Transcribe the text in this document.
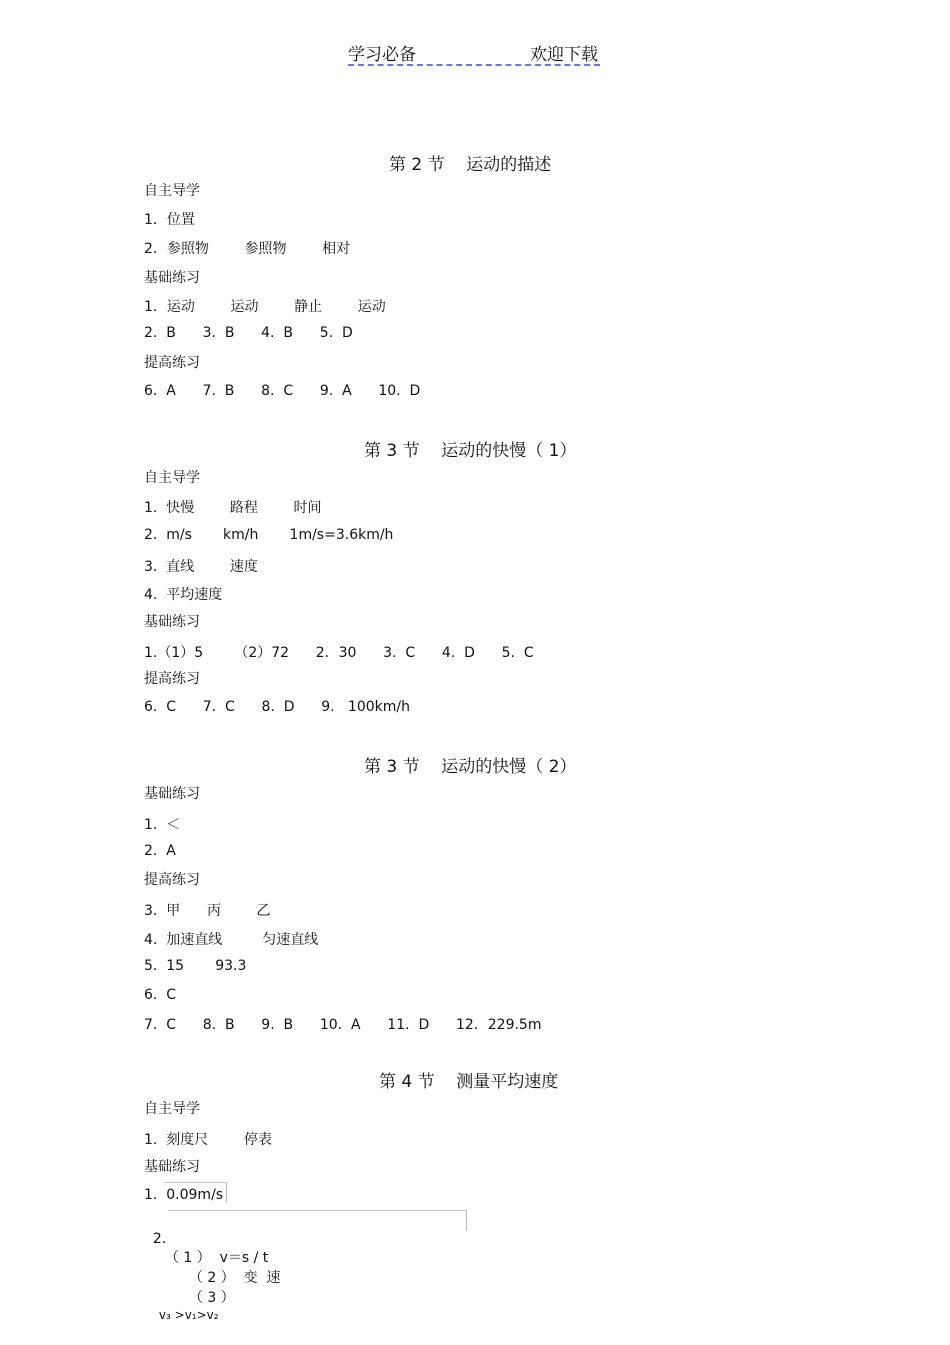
学习必备	欢迎下载
第 2 节    运动的描述
自主导学
1．位置
2．参照物        参照物        相对
基础练习
1．运动        运动        静止        运动
2.  B      3.  B      4.  B      5.  D
提高练习
6.  A      7.  B      8.  C      9.  A      10.  D
第 3 节    运动的快慢（ 1）
自主导学
1.  快慢        路程        时间
2.  m/s       km/h       1m/s=3.6km/h
3.  直线        速度
4.  平均速度
基础练习
1.（1）5       （2）72      2．30      3.  C      4.  D      5.  C
提高练习
6.  C      7.  C      8.  D      9.   100km/h
第 3 节    运动的快慢（ 2）
基础练习
1.  ＜
2.  A
提高练习
3.  甲      丙        乙
4.  加速直线         匀速直线
5.  15       93.3
6.  C
7.  C      8.  B      9.  B      10.  A      11.  D      12．229.5m
第 4 节    测量平均速度
自主导学
1.  刻度尺        停表
基础练习
1.  0.09m/s

2.
（ 1 ）  v＝s / t
（ 2 ）  变  速
（ 3 ）
v₃ >v₁>v₂
